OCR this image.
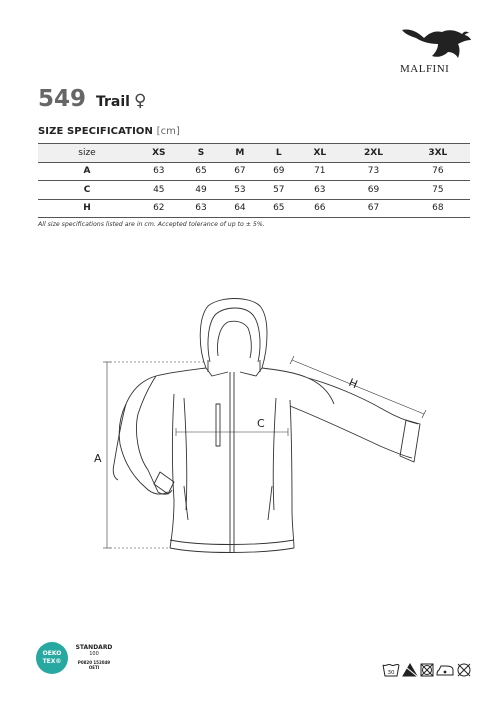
MALFINI
549 Trail ♀
SIZE SPECIFICATION [cm]
size	XS	S	M	L	XL	2XL	3XL
A	63	65	67	69	71	73	76
C	45	49	53	57	63	69	75
H	62	63	64	65	66	67	68
All size specifications listed are in cm. Accepted tolerance of up to ± 5%.
A
C
H
OEKO
TEX®
STANDARD
100
P0820 152049
OETI
30
